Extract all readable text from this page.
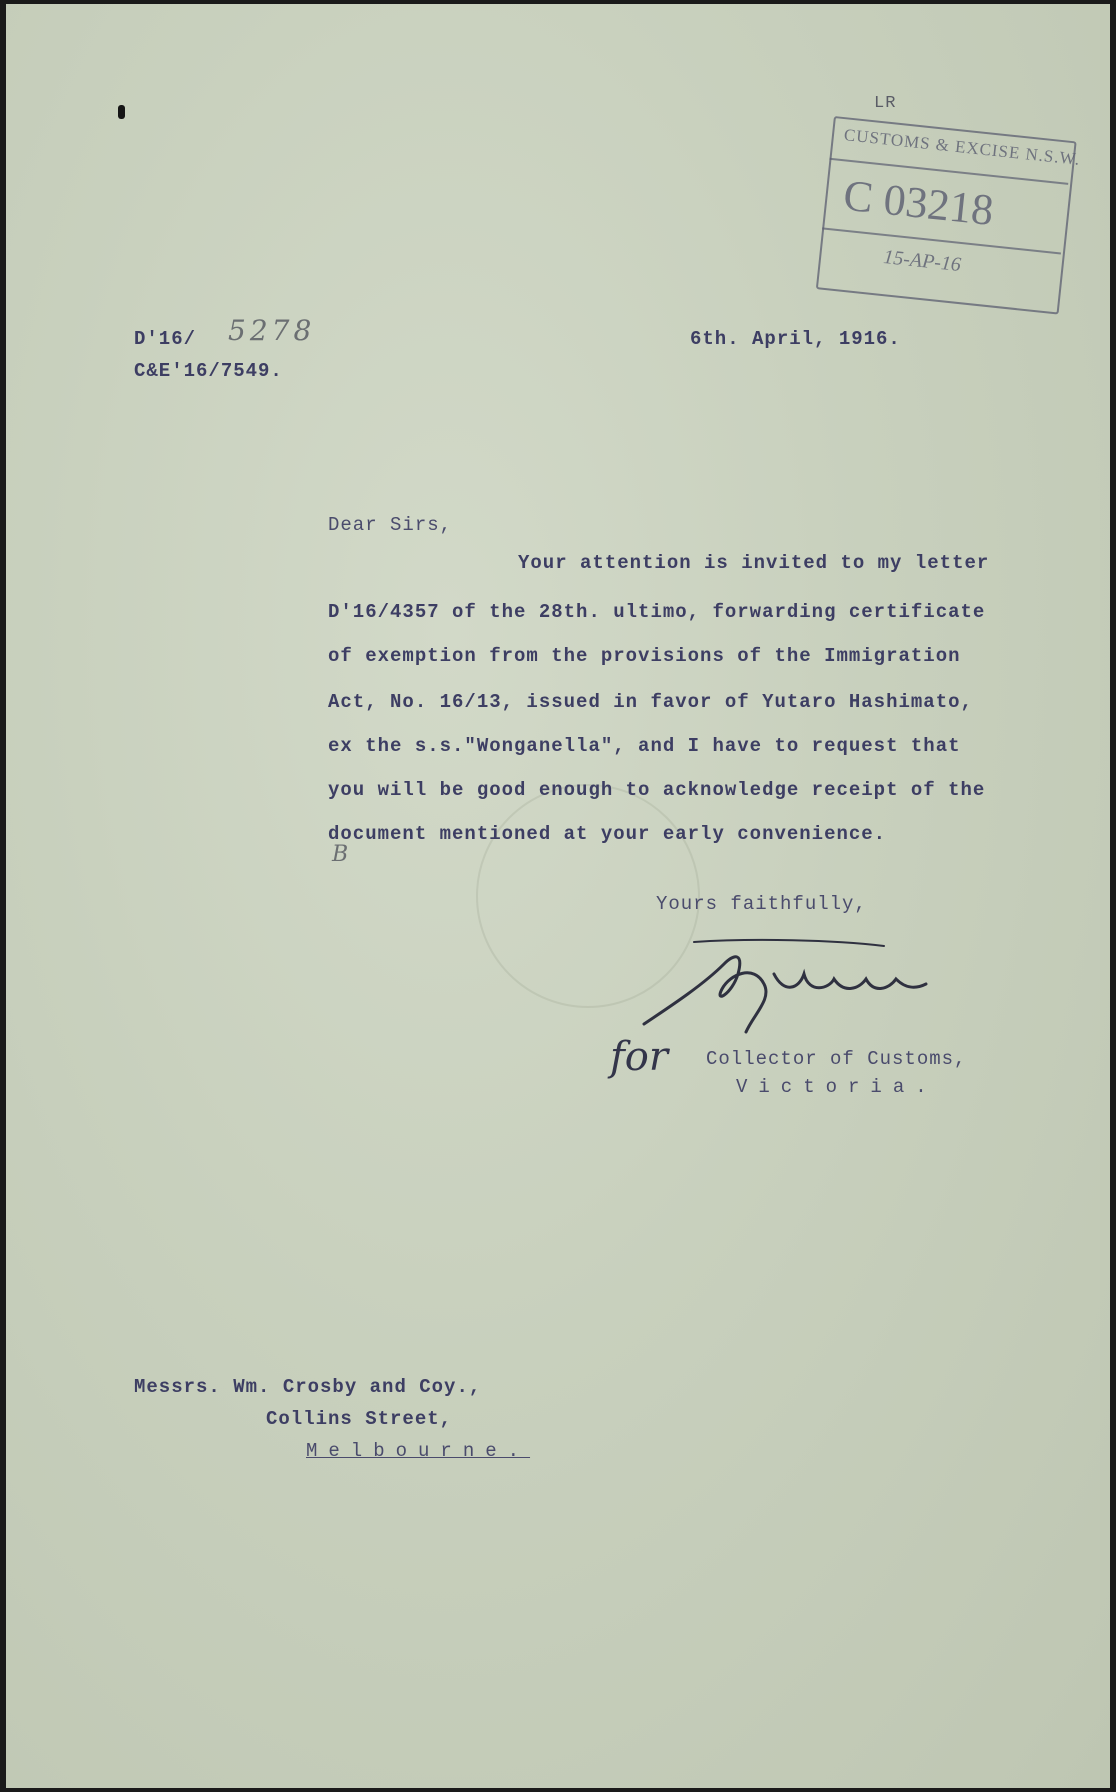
LR
CUSTOMS & EXCISE N.S.W.
C 03218
15-AP-16
D'16/ 5278
C&E'16/7549.
6th. April, 1916.
Dear Sirs,
Your attention is invited to my letter
D'16/4357 of the 28th. ultimo, forwarding certificate
of exemption from the provisions of the Immigration
Act, No. 16/13, issued in favor of Yutaro Hashimato,
ex the s.s."Wonganella", and I have to request that
you will be good enough to acknowledge receipt of the
document mentioned at your early convenience.
B
Yours faithfully,
for Collector of Customs,
Victoria.
Messrs. Wm. Crosby and Coy.,
Collins Street,
Melbourne.
